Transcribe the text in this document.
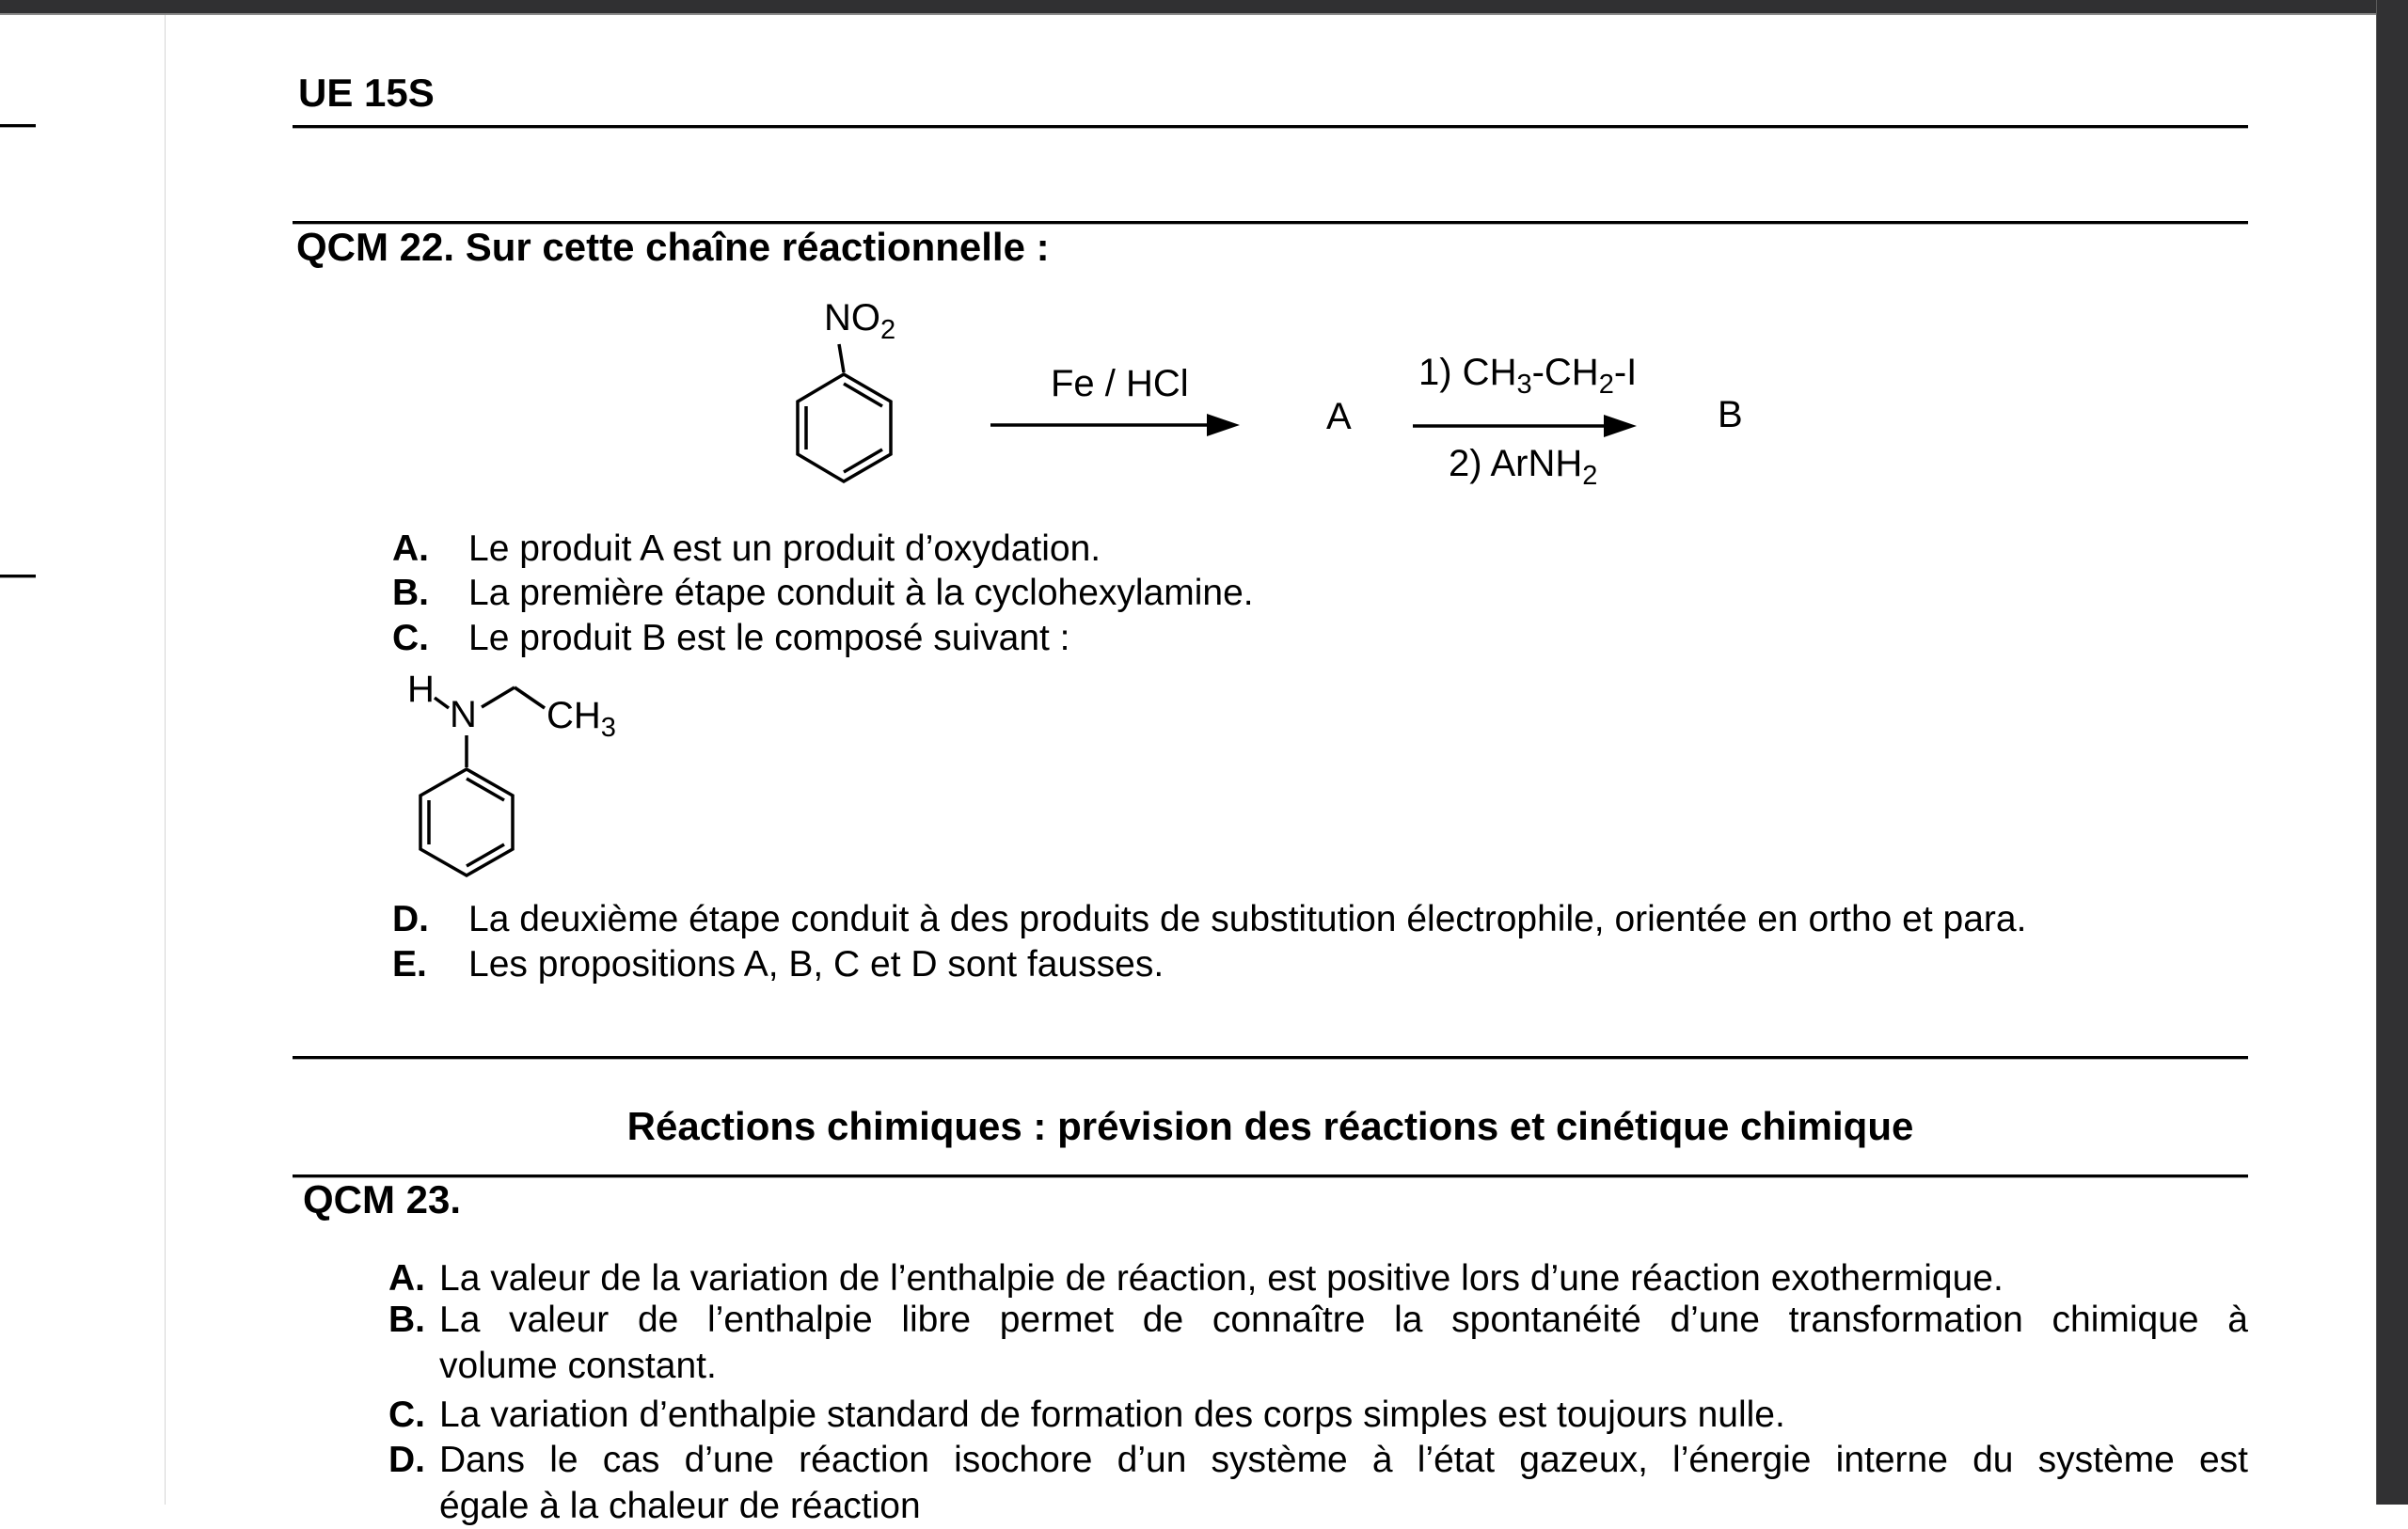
UE 15S
QCM 22. Sur cette chaîne réactionnelle :
$NO_2$
Fe / HCl
A
1) $CH_3-CH_2-I$
2) ArNH$_2$
B
H
N $CH_3$
A. Le produit A est un produit d’oxydation.
B. La première étape conduit à la cyclohexylamine.
C. Le produit B est le composé suivant :
D. La deuxième étape conduit à des produits de substitution électrophile, orientée en ortho et para.
E. Les propositions A, B, C et D sont fausses.
Réactions chimiques : prévision des réactions et cinétique chimique
QCM 23.
A. La valeur de la variation de l’enthalpie de réaction, est positive lors d’une réaction exothermique.
B. La valeur de l’enthalpie libre permet de connaître la spontanéité d’une transformation chimique à
volume constant.
C. La variation d’enthalpie standard de formation des corps simples est toujours nulle.
D. Dans le cas d’une réaction isochore d’un système à l’état gazeux, l’énergie interne du système est
égale à la chaleur de réaction
